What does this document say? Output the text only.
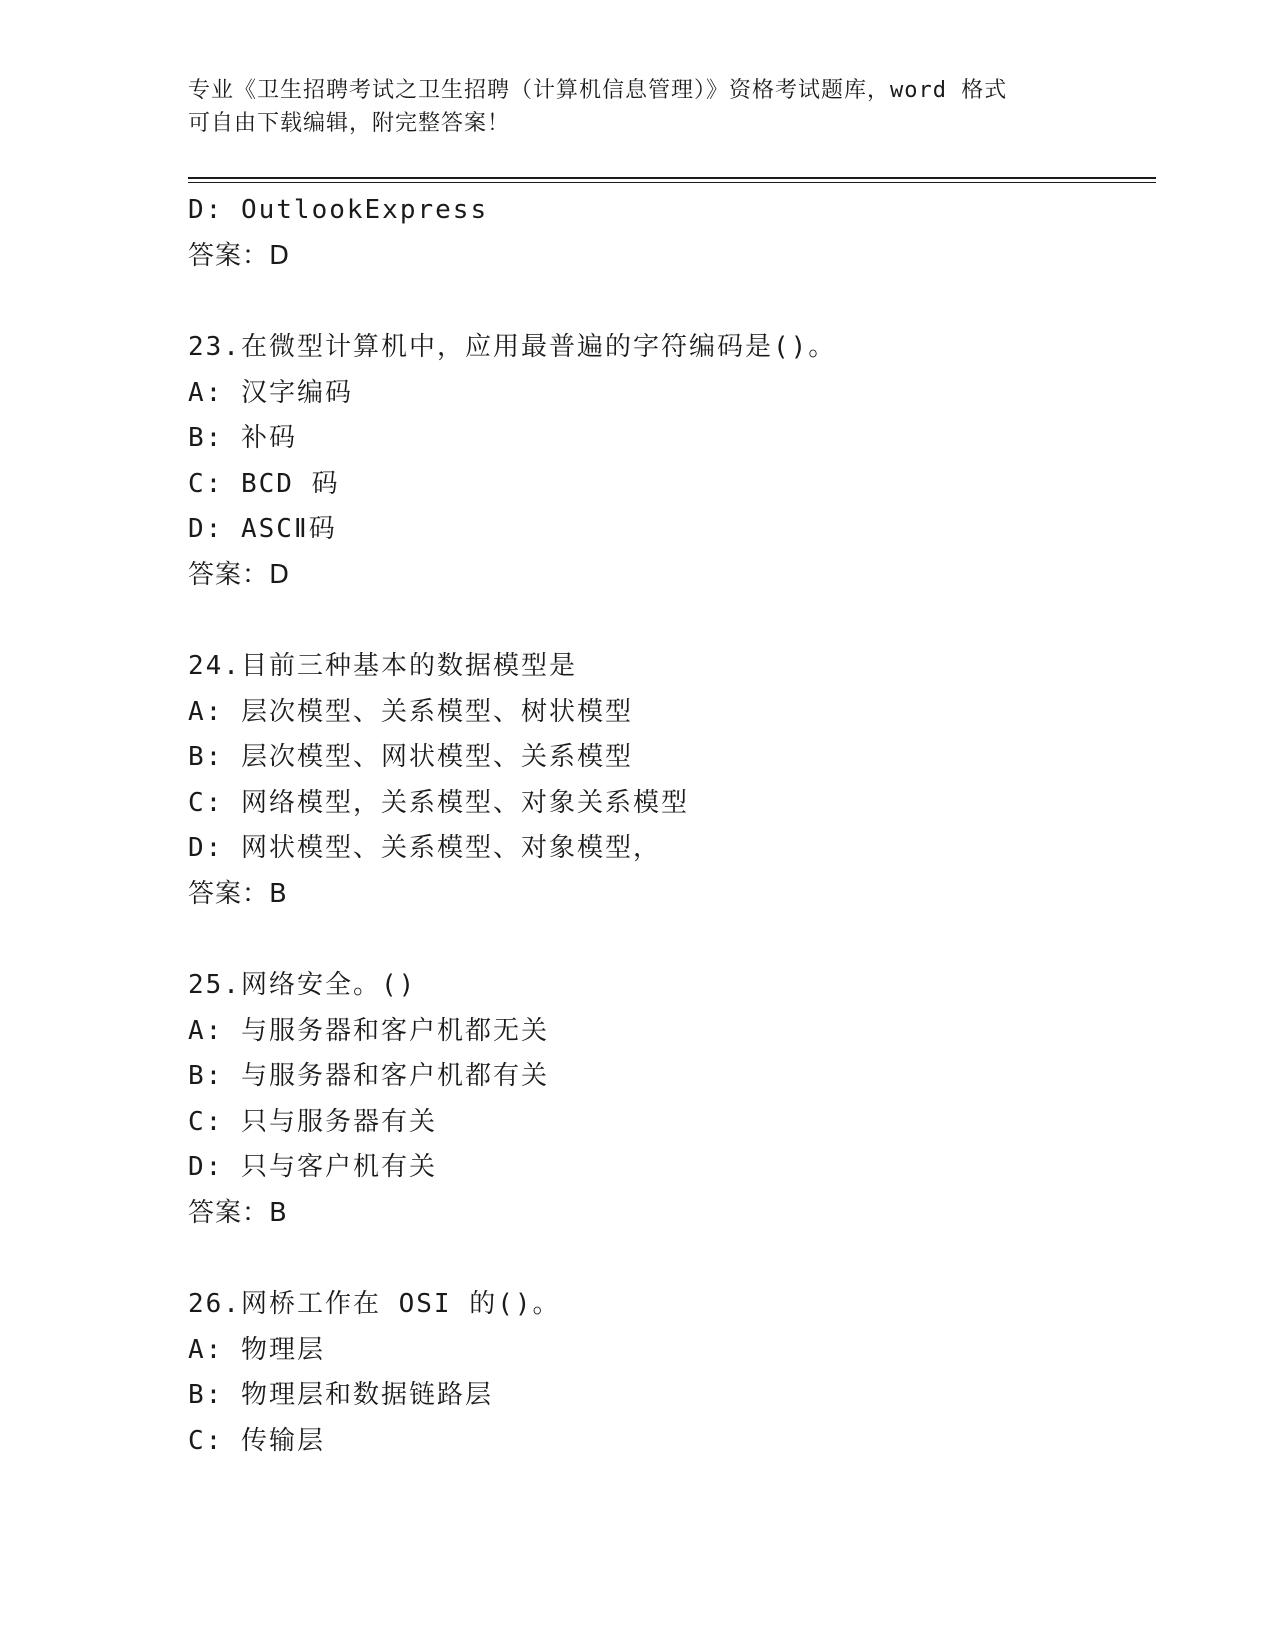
专业《卫生招聘考试之卫生招聘（计算机信息管理）》资格考试题库，word 格式
可自由下载编辑，附完整答案！
D: OutlookExpress
答案：D
23.在微型计算机中，应用最普遍的字符编码是()。
A: 汉字编码
B: 补码
C: BCD 码
D: ASCⅡ码
答案：D
24.目前三种基本的数据模型是
A: 层次模型、关系模型、树状模型
B: 层次模型、网状模型、关系模型
C: 网络模型，关系模型、对象关系模型
D: 网状模型、关系模型、对象模型，
答案：B
25.网络安全。()
A: 与服务器和客户机都无关
B: 与服务器和客户机都有关
C: 只与服务器有关
D: 只与客户机有关
答案：B
26.网桥工作在 OSI 的()。
A: 物理层
B: 物理层和数据链路层
C: 传输层
